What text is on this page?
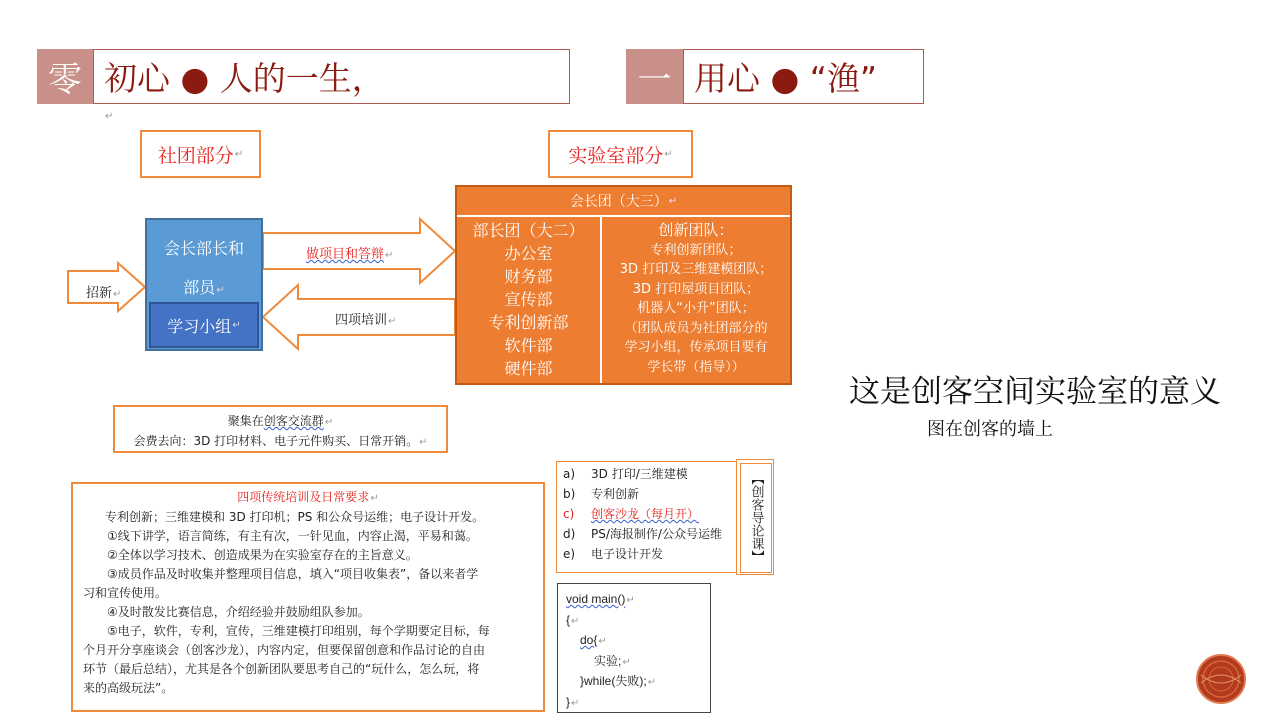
零 初心 ● 人的一生，	一 用心 ● “渔”
↵
社团部分 ↵	实验室部分 ↵
招新↵
做项目和答辩↵
四项培训↵
会长部长和
部员↵
学习小组 ↵
会长团（大三） ↵
部长团（大二）
办公室
财务部
宣传部
专利创新部
软件部
硬件部
创新团队：
专利创新团队；
3D 打印及三维建模团队；
3D 打印屋项目团队；
机器人“小升”团队；
（团队成员为社团部分的
学习小组，传承项目要有
学长带（指导））
聚集在创客交流群↵
会费去向：3D 打印材料、电子元件购买、日常开销。↵
四项传统培训及日常要求↵
专利创新；三维建模和 3D 打印机；PS 和公众号运维；电子设计开发。
①线下讲学，语言简练，有主有次，一针见血，内容止渴，平易和蔼。
②全体以学习技术、创造成果为在实验室存在的主旨意义。
③成员作品及时收集并整理项目信息，填入“项目收集表”，备以来者学
习和宣传使用。
④及时散发比赛信息，介绍经验并鼓励组队参加。
⑤电子，软件，专利，宣传，三维建模打印组别，每个学期要定目标，每
个月开分享座谈会（创客沙龙），内容内定，但要保留创意和作品讨论的自由
环节（最后总结），尤其是各个创新团队要思考自己的“玩什么，怎么玩，将
来的高级玩法”。
a) 3D 打印/三维建模
b) 专利创新
c) 创客沙龙（每月开）
d) PS/海报制作/公众号运维
e) 电子设计开发	【创客导论课】
void main()↵
{↵
do{↵
实验;↵
}while(失败);↵
}↵
这是创客空间实验室的意义
图在创客的墙上
